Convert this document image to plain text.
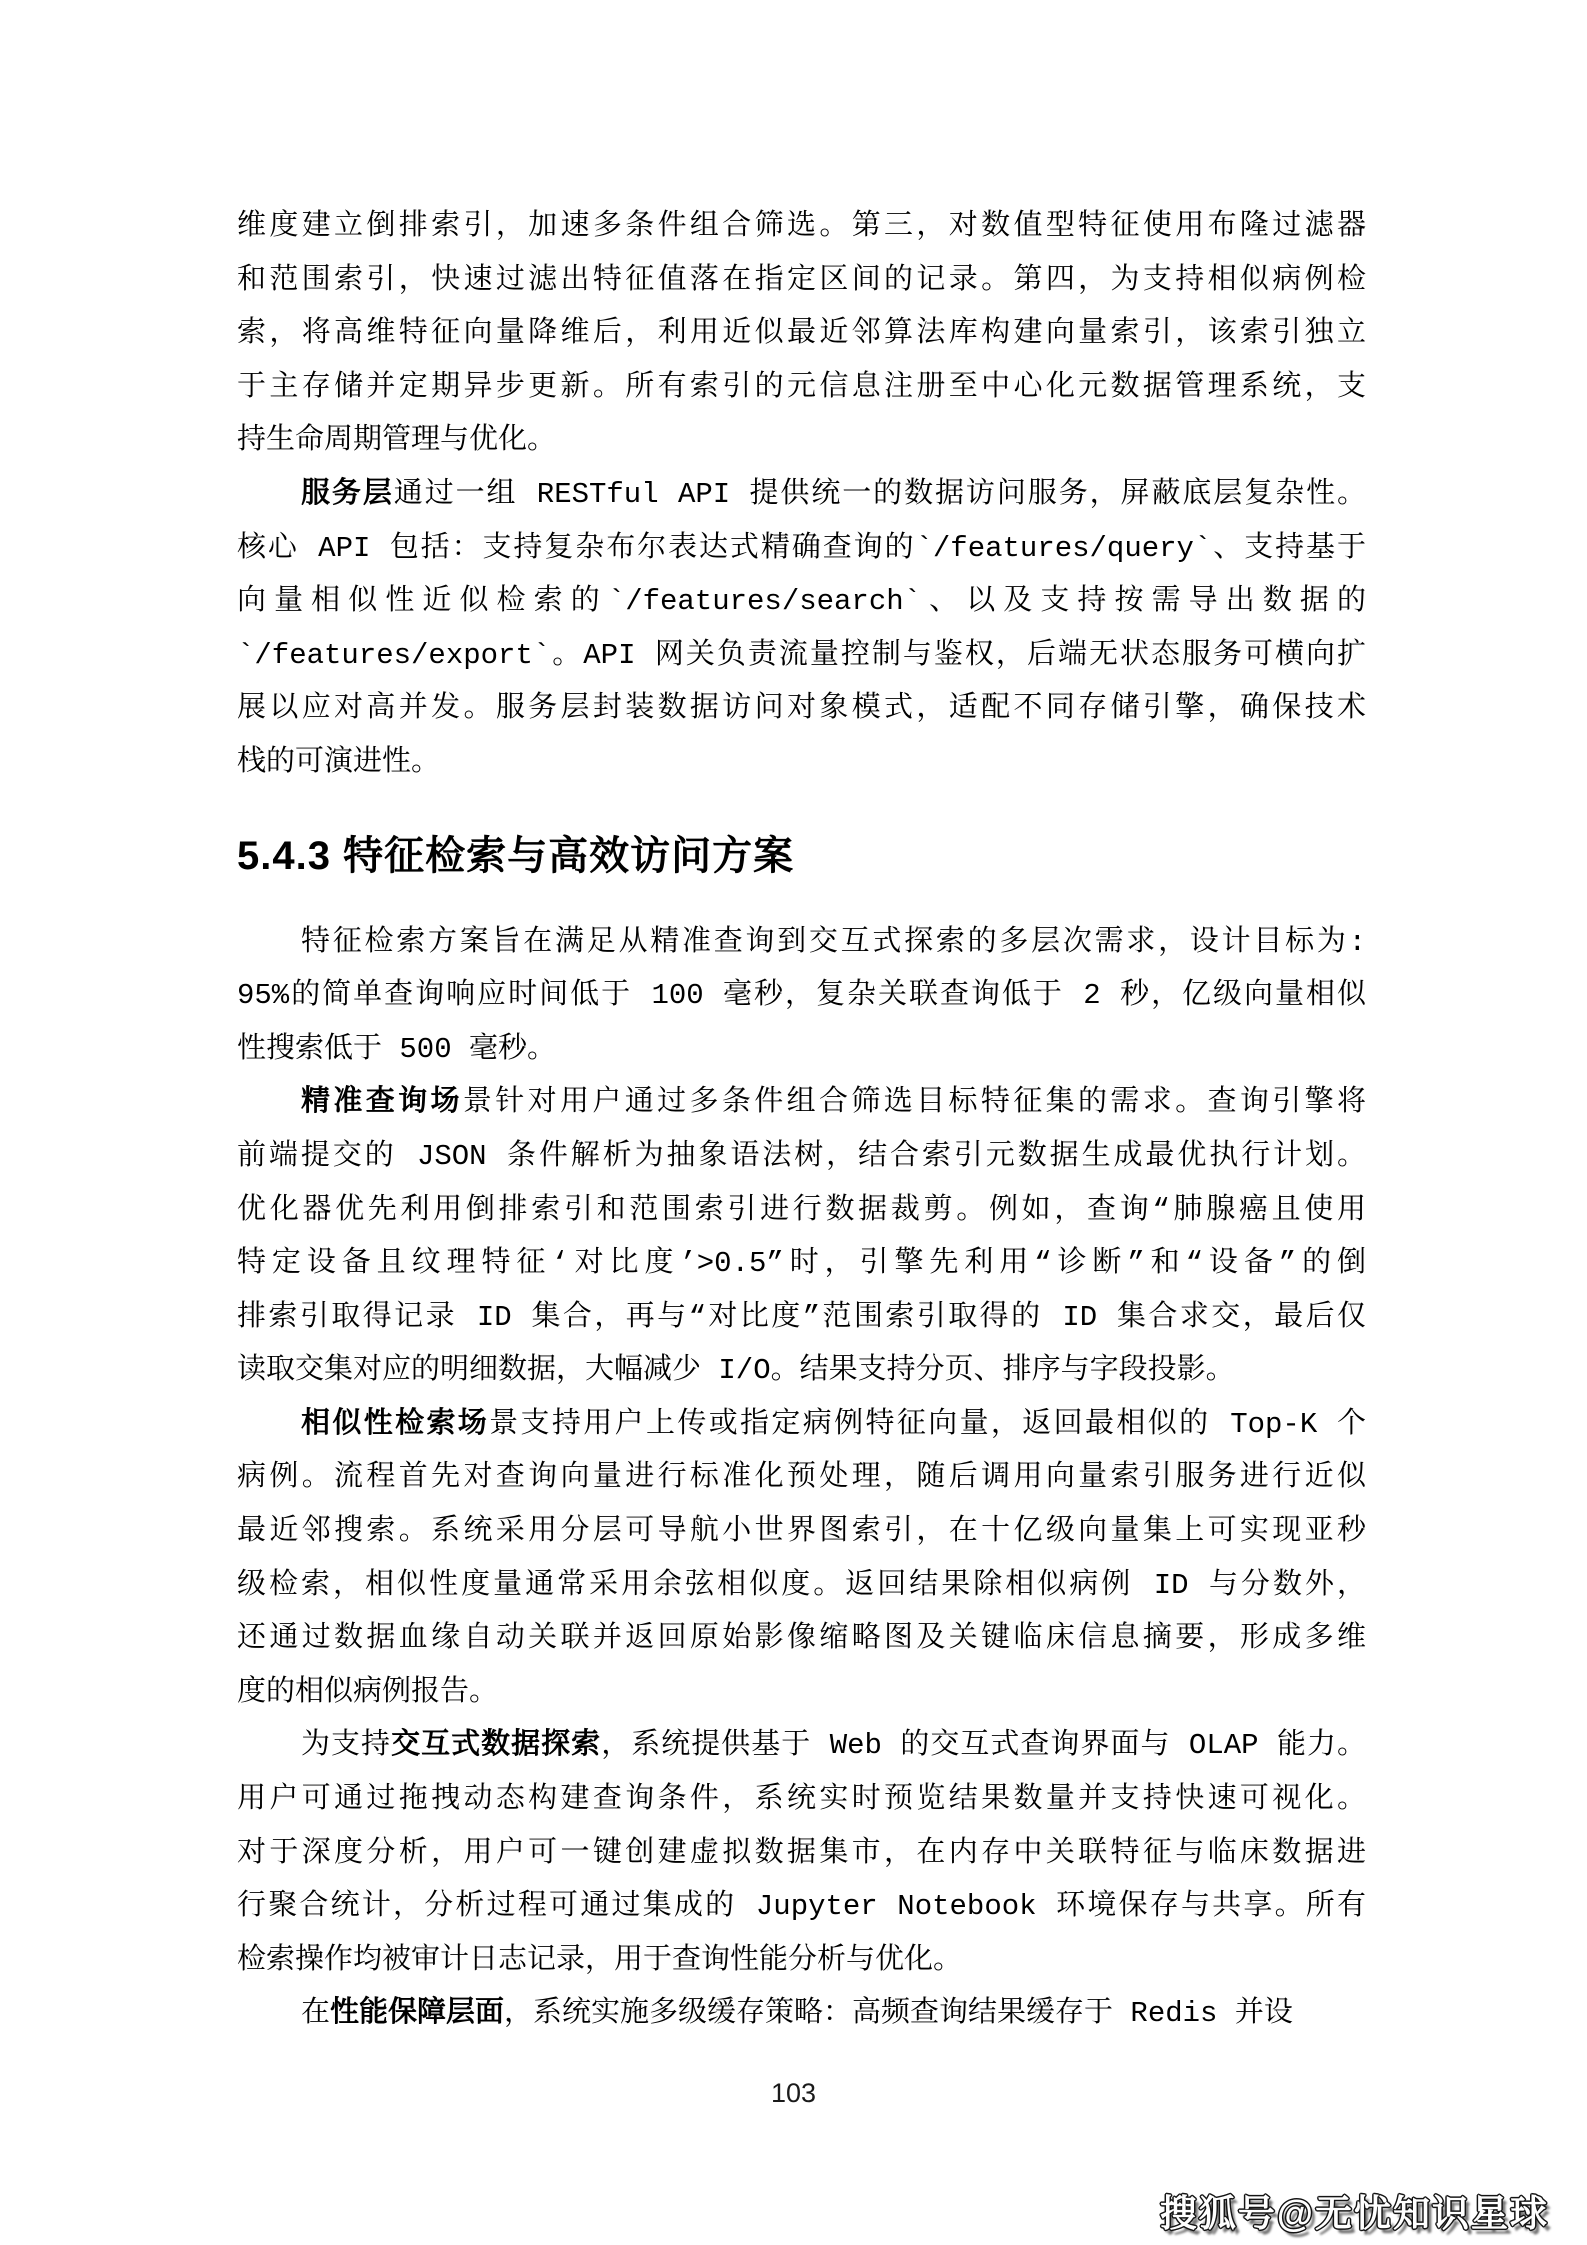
维度建立倒排索引，加速多条件组合筛选。第三，对数值型特征使用布隆过滤器
和范围索引，快速过滤出特征值落在指定区间的记录。第四，为支持相似病例检
索，将高维特征向量降维后，利用近似最近邻算法库构建向量索引，该索引独立
于主存储并定期异步更新。所有索引的元信息注册至中心化元数据管理系统，支
持生命周期管理与优化。
服务层通过一组 RESTful API 提供统一的数据访问服务，屏蔽底层复杂性。
核心 API 包括：支持复杂布尔表达式精确查询的`/features/query`、支持基于
向量相似性近似检索的`/features/search`、以及支持按需导出数据的
`/features/export`。API 网关负责流量控制与鉴权，后端无状态服务可横向扩
展以应对高并发。服务层封装数据访问对象模式，适配不同存储引擎，确保技术
栈的可演进性。
5.4.3 特征检索与高效访问方案
特征检索方案旨在满足从精准查询到交互式探索的多层次需求，设计目标为:
95%的简单查询响应时间低于 100 毫秒，复杂关联查询低于 2 秒，亿级向量相似
性搜索低于 500 毫秒。
精准查询场景针对用户通过多条件组合筛选目标特征集的需求。查询引擎将
前端提交的 JSON 条件解析为抽象语法树，结合索引元数据生成最优执行计划。
优化器优先利用倒排索引和范围索引进行数据裁剪。例如，查询“肺腺癌且使用
特定设备且纹理特征‘对比度’>0.5”时，引擎先利用“诊断”和“设备”的倒
排索引取得记录 ID 集合，再与“对比度”范围索引取得的 ID 集合求交，最后仅
读取交集对应的明细数据，大幅减少 I/O。结果支持分页、排序与字段投影。
相似性检索场景支持用户上传或指定病例特征向量，返回最相似的 Top-K 个
病例。流程首先对查询向量进行标准化预处理，随后调用向量索引服务进行近似
最近邻搜索。系统采用分层可导航小世界图索引，在十亿级向量集上可实现亚秒
级检索，相似性度量通常采用余弦相似度。返回结果除相似病例 ID 与分数外，
还通过数据血缘自动关联并返回原始影像缩略图及关键临床信息摘要，形成多维
度的相似病例报告。
为支持交互式数据探索，系统提供基于 Web 的交互式查询界面与 OLAP 能力。
用户可通过拖拽动态构建查询条件，系统实时预览结果数量并支持快速可视化。
对于深度分析，用户可一键创建虚拟数据集市，在内存中关联特征与临床数据进
行聚合统计，分析过程可通过集成的 Jupyter Notebook 环境保存与共享。所有
检索操作均被审计日志记录，用于查询性能分析与优化。
在性能保障层面，系统实施多级缓存策略：高频查询结果缓存于 Redis 并设
103
搜狐号@无忧知识星球
